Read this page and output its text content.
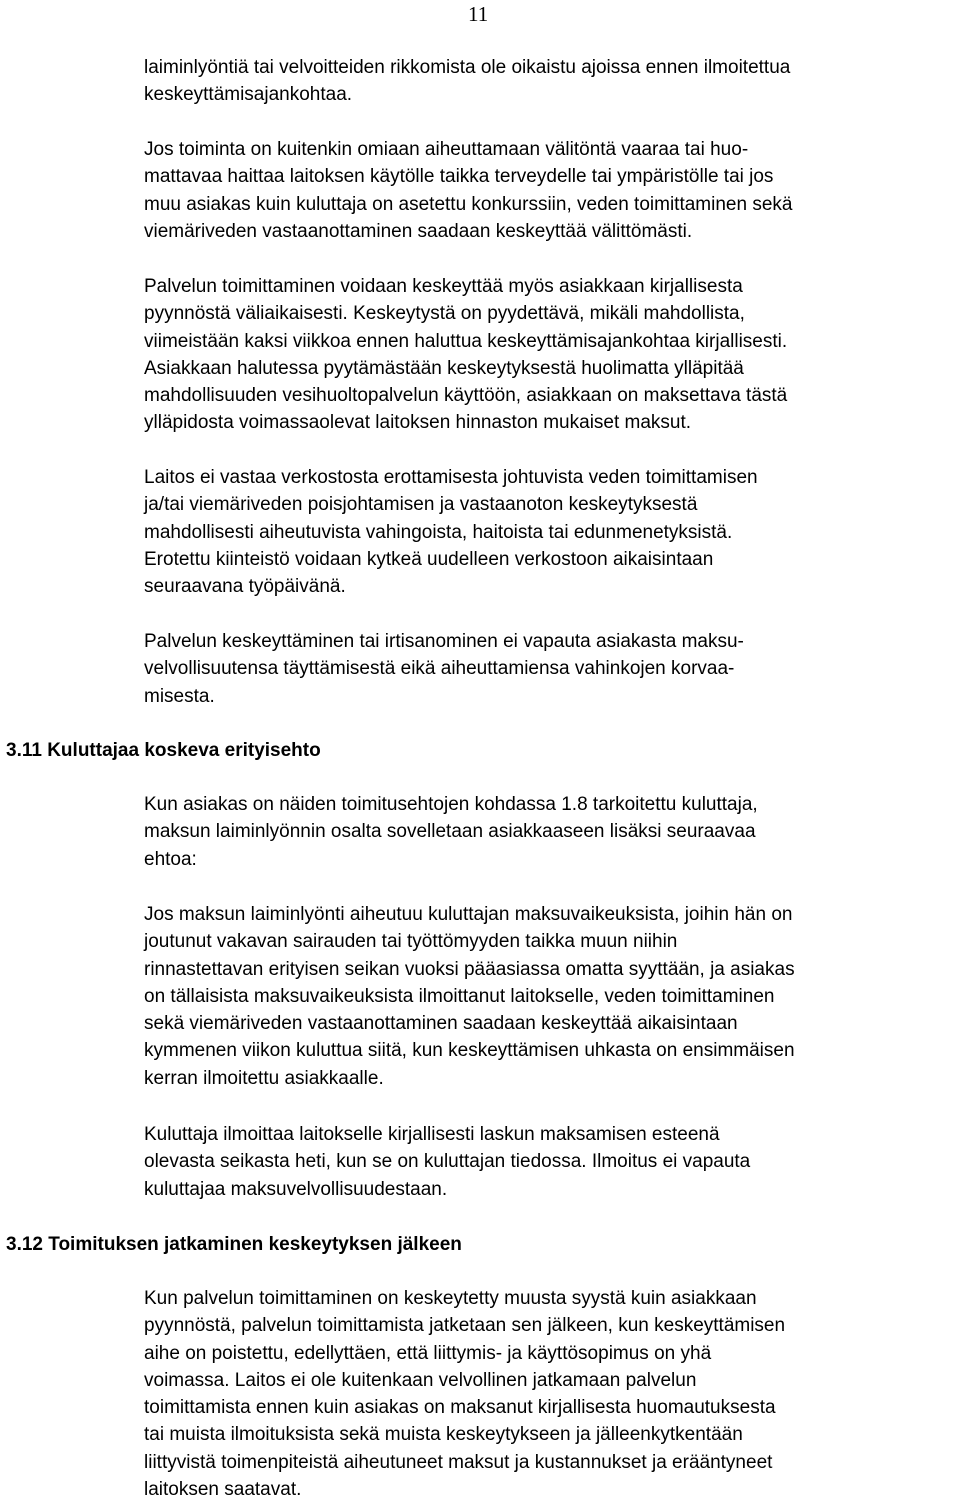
11
laiminlyöntiä tai velvoitteiden rikkomista ole oikaistu ajoissa ennen ilmoitettua
keskeyttämisajankohtaa.
Jos toiminta on kuitenkin omiaan aiheuttamaan välitöntä vaaraa tai huo-
mattavaa haittaa laitoksen käytölle taikka terveydelle tai ympäristölle tai jos
muu asiakas kuin kuluttaja on asetettu konkurssiin, veden toimittaminen sekä
viemäriveden vastaanottaminen saadaan keskeyttää välittömästi.
Palvelun toimittaminen voidaan keskeyttää myös asiakkaan kirjallisesta
pyynnöstä väliaikaisesti. Keskeytystä on pyydettävä, mikäli mahdollista,
viimeistään kaksi viikkoa ennen haluttua keskeyttämisajankohtaa kirjallisesti.
Asiakkaan halutessa pyytämästään keskeytyksestä huolimatta ylläpitää
mahdollisuuden vesihuoltopalvelun käyttöön, asiakkaan on maksettava tästä
ylläpidosta voimassaolevat laitoksen hinnaston mukaiset maksut.
Laitos ei vastaa verkostosta erottamisesta johtuvista veden toimittamisen
ja/tai viemäriveden poisjohtamisen ja vastaanoton keskeytyksestä
mahdollisesti aiheutuvista vahingoista, haitoista tai edunmenetyksistä.
Erotettu kiinteistö voidaan kytkeä uudelleen verkostoon aikaisintaan
seuraavana työpäivänä.
Palvelun keskeyttäminen tai irtisanominen ei vapauta asiakasta maksu-
velvollisuutensa täyttämisestä eikä aiheuttamiensa vahinkojen korvaa-
misesta.
3.11 Kuluttajaa koskeva erityisehto
Kun asiakas on näiden toimitusehtojen kohdassa 1.8 tarkoitettu kuluttaja,
maksun laiminlyönnin osalta sovelletaan asiakkaaseen lisäksi seuraavaa
ehtoa:
Jos maksun laiminlyönti aiheutuu kuluttajan maksuvaikeuksista, joihin hän on
joutunut vakavan sairauden tai työttömyyden taikka muun niihin
rinnastettavan erityisen seikan vuoksi pääasiassa omatta syyttään, ja asiakas
on tällaisista maksuvaikeuksista ilmoittanut laitokselle, veden toimittaminen
sekä viemäriveden vastaanottaminen saadaan keskeyttää aikaisintaan
kymmenen viikon kuluttua siitä, kun keskeyttämisen uhkasta on ensimmäisen
kerran ilmoitettu asiakkaalle.
Kuluttaja ilmoittaa laitokselle kirjallisesti laskun maksamisen esteenä
olevasta seikasta heti, kun se on kuluttajan tiedossa. Ilmoitus ei vapauta
kuluttajaa maksuvelvollisuudestaan.
3.12 Toimituksen jatkaminen keskeytyksen jälkeen
Kun palvelun toimittaminen on keskeytetty muusta syystä kuin asiakkaan
pyynnöstä, palvelun toimittamista jatketaan sen jälkeen, kun keskeyttämisen
aihe on poistettu, edellyttäen, että liittymis- ja käyttösopimus on yhä
voimassa. Laitos ei ole kuitenkaan velvollinen jatkamaan palvelun
toimittamista ennen kuin asiakas on maksanut kirjallisesta huomautuksesta
tai muista ilmoituksista sekä muista keskeytykseen ja jälleenkytkentään
liittyvistä toimenpiteistä aiheutuneet maksut ja kustannukset ja erääntyneet
laitoksen saatavat.
